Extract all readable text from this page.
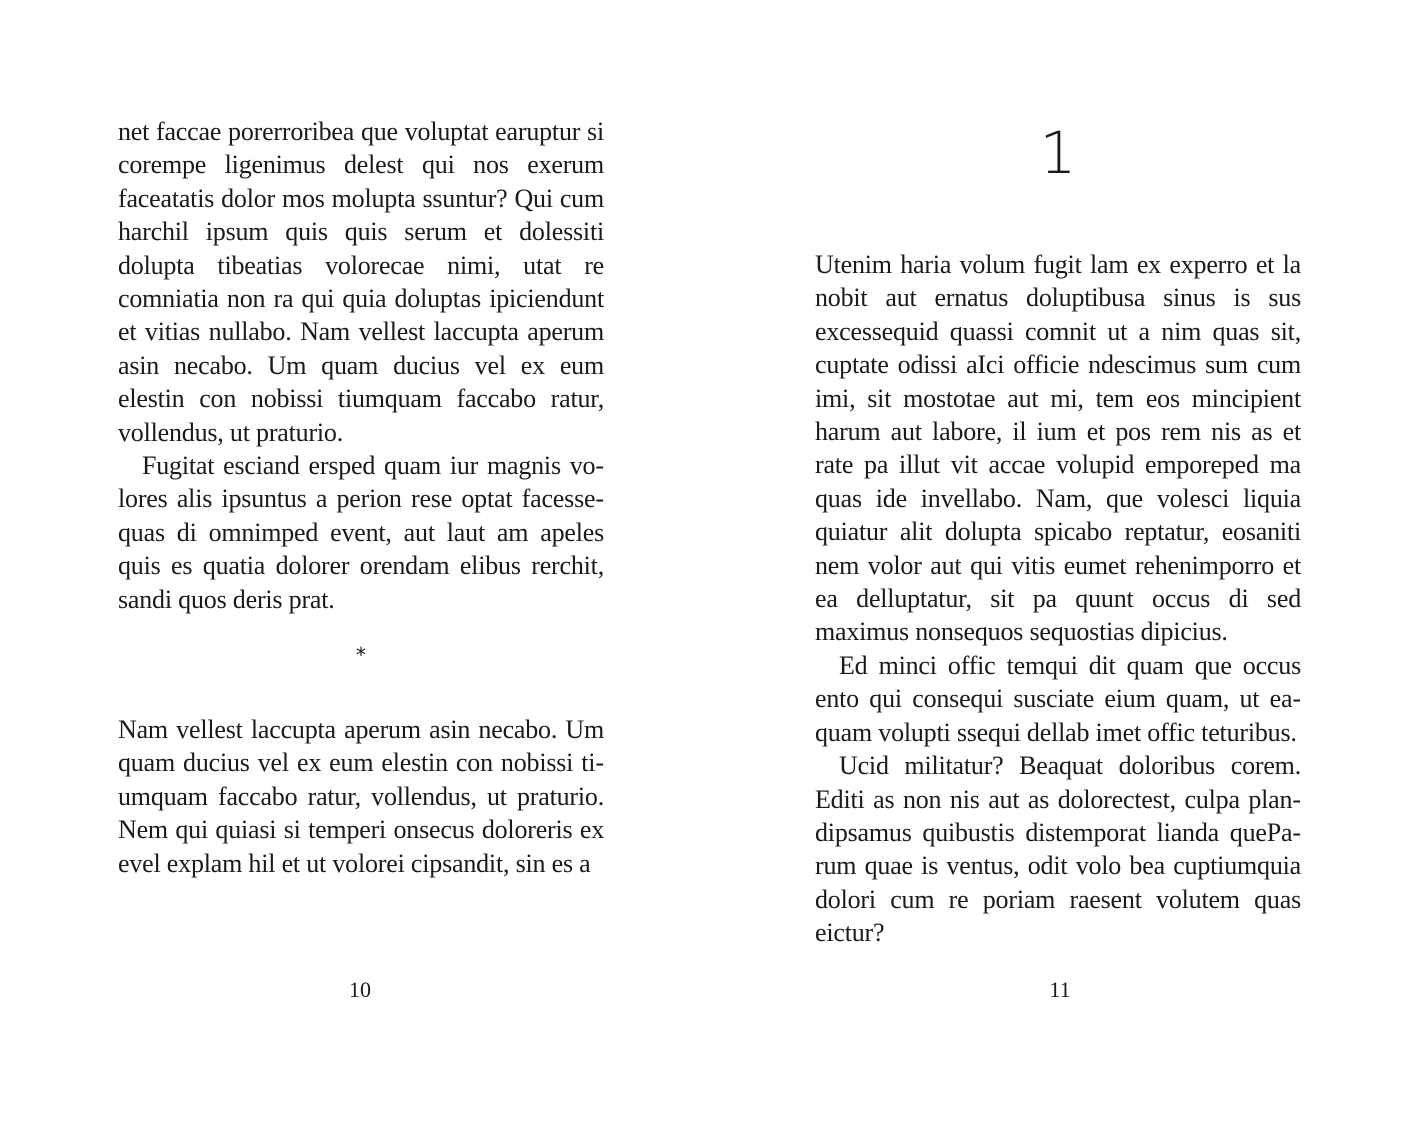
net faccae porerroribea que voluptat earuptur si corempe ligenimus delest qui nos exerum faceatatis dolor mos molupta ssuntur? Qui cum harchil ipsum quis quis serum et dolessiti dolupta tibeatias volorecae nimi, utat re comniatia non ra qui quia doluptas ipiciendunt et vitias nullabo. Nam vellest laccupta aperum asin necabo. Um quam ducius vel ex eum elestin con nobissi tiumquam faccabo ratur, vollendus, ut praturio.

Fugitat esciand ersped quam iur magnis volores alis ipsuntus a perion rese optat facessequas di omnimped event, aut laut am apeles quis es quatia dolorer orendam elibus rerchit, sandi quos deris prat.

*

Nam vellest laccupta aperum asin necabo. Um quam ducius vel ex eum elestin con nobissi tiumquam faccabo ratur, vollendus, ut praturio. Nem qui quiasi si temperi onsecus doloreris ex evel explam hil et ut volorei cipsandit, sin es a

10
1

Utenim haria volum fugit lam ex experro et la nobit aut ernatus doluptibusa sinus is sus excessequid quassi comnit ut a nim quas sit, cuptate odissi aIci officie ndescimus sum cum imi, sit mostotae aut mi, tem eos mincipient harum aut labore, il ium et pos rem nis as et rate pa illut vit accae volupid emporeped ma quas ide invellabo. Nam, que volesci liquia quiatur alit dolupta spicabo reptatur, eosaniti nem volor aut qui vitis eumet rehenimporro et ea delluptatur, sit pa quunt occus di sed maximus nonsequos sequostias dipicius.

Ed minci offic temqui dit quam que occus ento qui consequi susciate eium quam, ut eaquam volupti ssequi dellab imet offic teturibus.

Ucid militatur? Beaquat doloribus corem. Editi as non nis aut as dolorectest, culpa plandipsamus quibustis distemporat lianda queParum quae is ventus, odit volo bea cuptiumquia dolori cum re poriam raesent volutem quas eictur?

11
